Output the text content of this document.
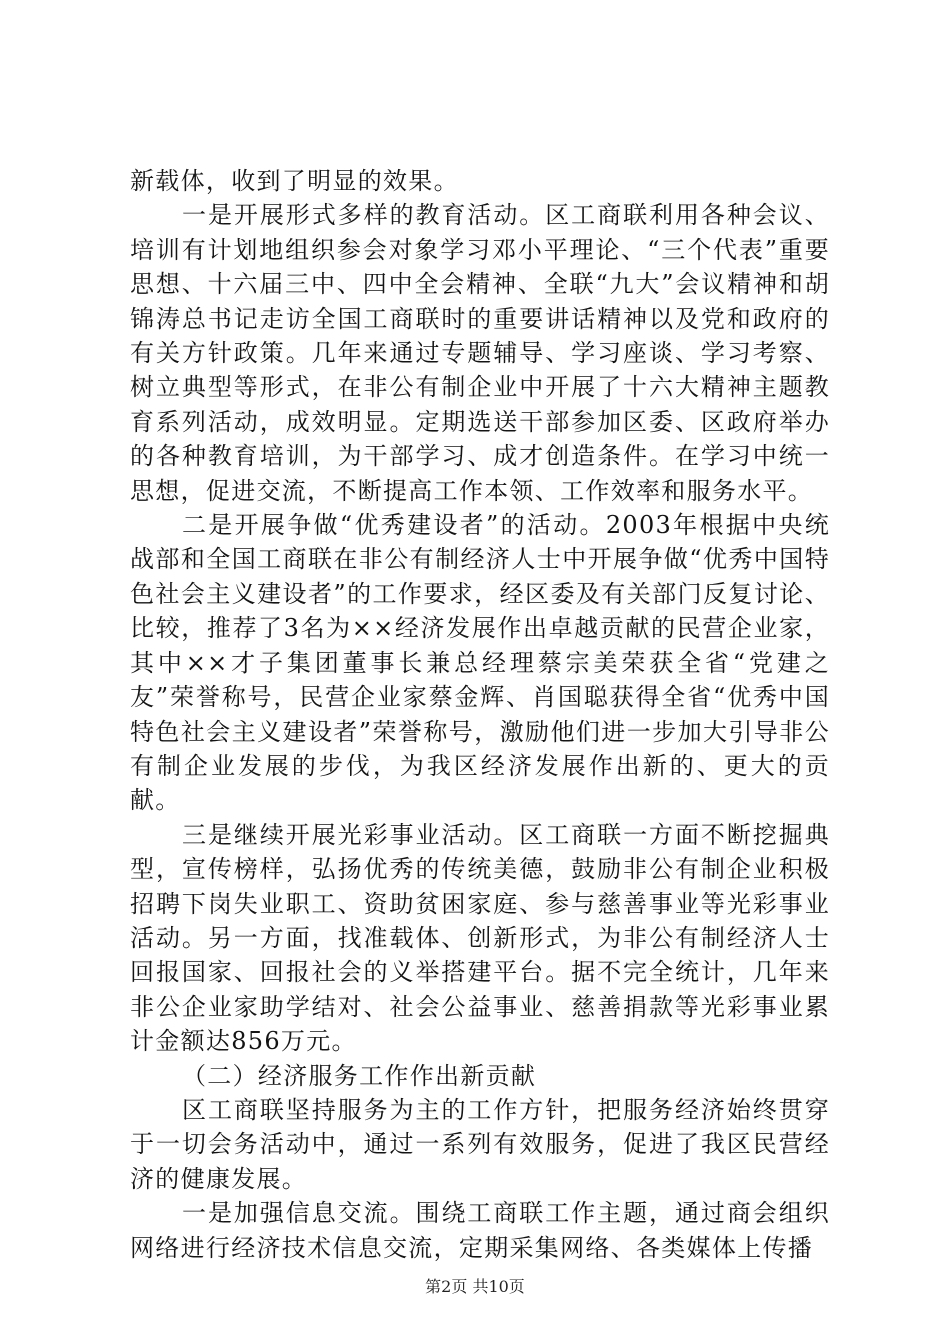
新载体，收到了明显的效果。

一是开展形式多样的教育活动。区工商联利用各种会议、培训有计划地组织参会对象学习邓小平理论、“三个代表”重要思想、十六届三中、四中全会精神、全联“九大”会议精神和胡锦涛总书记走访全国工商联时的重要讲话精神以及党和政府的有关方针政策。几年来通过专题辅导、学习座谈、学习考察、树立典型等形式，在非公有制企业中开展了十六大精神主题教育系列活动，成效明显。定期选送干部参加区委、区政府举办的各种教育培训，为干部学习、成才创造条件。在学习中统一思想，促进交流，不断提高工作本领、工作效率和服务水平。

二是开展争做“优秀建设者”的活动。2003年根据中央统战部和全国工商联在非公有制经济人士中开展争做“优秀中国特色社会主义建设者”的工作要求，经区委及有关部门反复讨论、比较，推荐了3名为××经济发展作出卓越贡献的民营企业家，其中××才子集团董事长兼总经理蔡宗美荣获全省“党建之友”荣誉称号，民营企业家蔡金辉、肖国聪获得全省“优秀中国特色社会主义建设者”荣誉称号，激励他们进一步加大引导非公有制企业发展的步伐，为我区经济发展作出新的、更大的贡献。

三是继续开展光彩事业活动。区工商联一方面不断挖掘典型，宣传榜样，弘扬优秀的传统美德，鼓励非公有制企业积极招聘下岗失业职工、资助贫困家庭、参与慈善事业等光彩事业活动。另一方面，找准载体、创新形式，为非公有制经济人士回报国家、回报社会的义举搭建平台。据不完全统计，几年来非公企业家助学结对、社会公益事业、慈善捐款等光彩事业累计金额达856万元。

（二）经济服务工作作出新贡献

区工商联坚持服务为主的工作方针，把服务经济始终贯穿于一切会务活动中，通过一系列有效服务，促进了我区民营经济的健康发展。

一是加强信息交流。围绕工商联工作主题，通过商会组织网络进行经济技术信息交流，定期采集网络、各类媒体上传播

第2页 共10页
